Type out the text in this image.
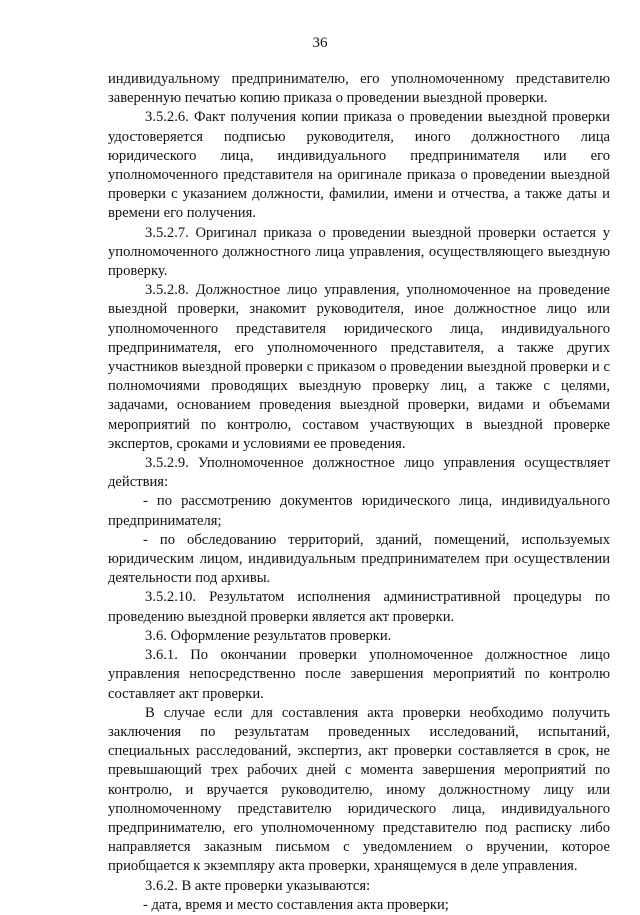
36

индивидуальному предпринимателю, его уполномоченному представителю заверенную печатью копию приказа о проведении выездной проверки.

3.5.2.6. Факт получения копии приказа о проведении выездной проверки удостоверяется подписью руководителя, иного должностного лица юридического лица, индивидуального предпринимателя или его уполномоченного представителя на оригинале приказа о проведении выездной проверки с указанием должности, фамилии, имени и отчества, а также даты и времени его получения.

3.5.2.7. Оригинал приказа о проведении выездной проверки остается у уполномоченного должностного лица управления, осуществляющего выездную проверку.

3.5.2.8. Должностное лицо управления, уполномоченное на проведение выездной проверки, знакомит руководителя, иное должностное лицо или уполномоченного представителя юридического лица, индивидуального предпринимателя, его уполномоченного представителя, а также других участников выездной проверки с приказом о проведении выездной проверки и с полномочиями проводящих выездную проверку лиц, а также с целями, задачами, основанием проведения выездной проверки, видами и объемами мероприятий по контролю, составом участвующих в выездной проверке экспертов, сроками и условиями ее проведения.

3.5.2.9. Уполномоченное должностное лицо управления осуществляет действия:

- по рассмотрению документов юридического лица, индивидуального предпринимателя;

- по обследованию территорий, зданий, помещений, используемых юридическим лицом, индивидуальным предпринимателем при осуществлении деятельности под архивы.

3.5.2.10. Результатом исполнения административной процедуры по проведению выездной проверки является акт проверки.

3.6. Оформление результатов проверки.

3.6.1. По окончании проверки уполномоченное должностное лицо управления непосредственно после завершения мероприятий по контролю составляет акт проверки.

В случае если для составления акта проверки необходимо получить заключения по результатам проведенных исследований, испытаний, специальных расследований, экспертиз, акт проверки составляется в срок, не превышающий трех рабочих дней с момента завершения мероприятий по контролю, и вручается руководителю, иному должностному лицу или уполномоченному представителю юридического лица, индивидуального предпринимателю, его уполномоченному представителю под расписку либо направляется заказным письмом с уведомлением о вручении, которое приобщается к экземпляру акта проверки, хранящемуся в деле управления.

3.6.2. В акте проверки указываются:

- дата, время и место составления акта проверки;
